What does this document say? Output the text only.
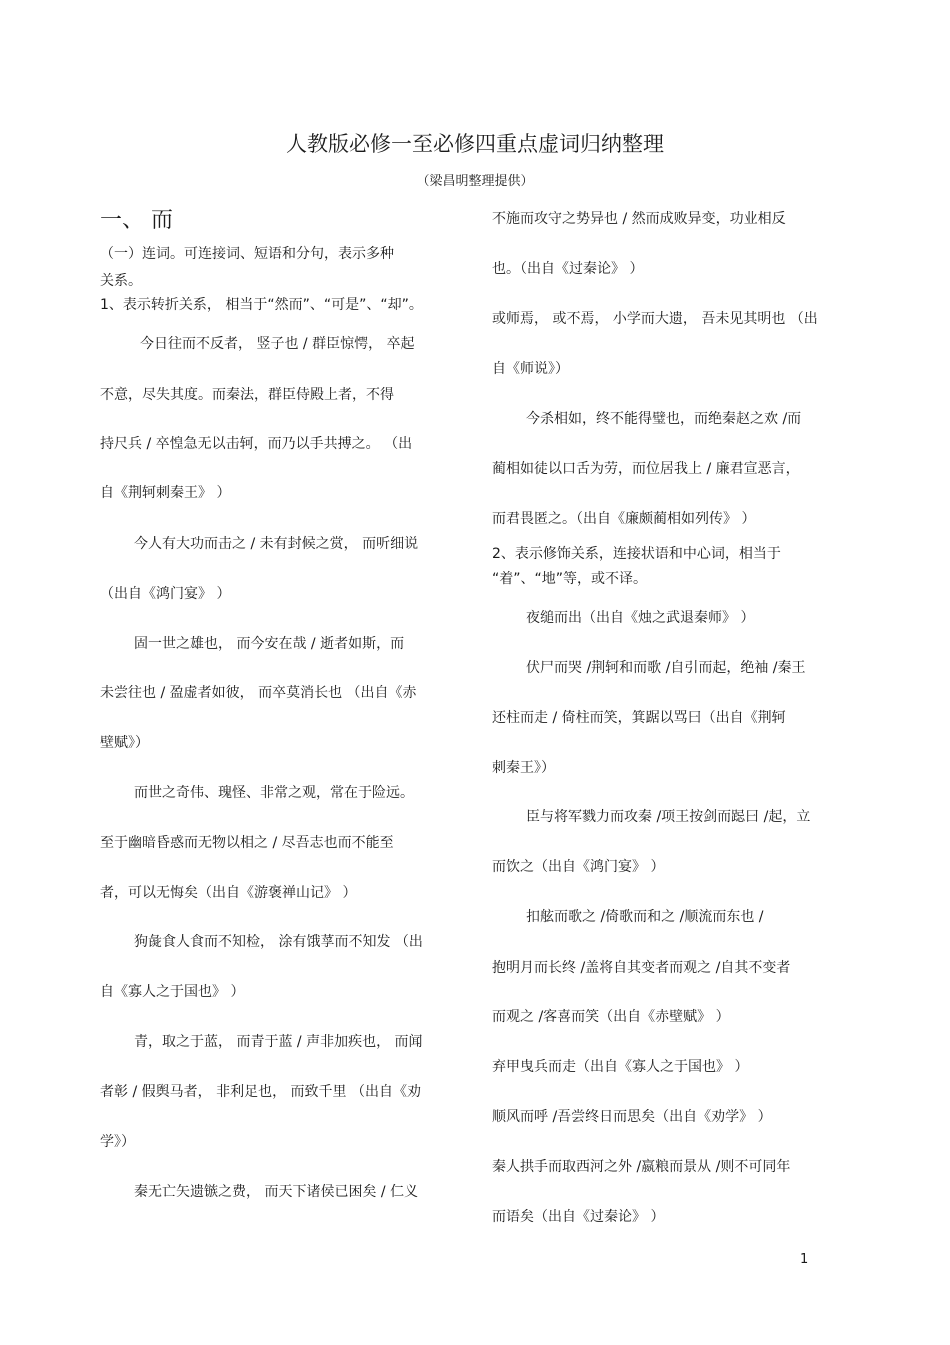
人教版必修一至必修四重点虚词归纳整理
（梁昌明整理提供）
一、 而
（一）连词。可连接词、短语和分句，表示多种
关系。
1、表示转折关系， 相当于“然而”、“可是”、“却”。
今日往而不反者， 竖子也 / 群臣惊愕， 卒起
不意，尽失其度。而秦法，群臣侍殿上者，不得
持尺兵 / 卒惶急无以击轲，而乃以手共搏之。 （出
自《荆轲刺秦王》 ）
今人有大功而击之 / 未有封候之赏， 而听细说
（出自《鸿门宴》 ）
固一世之雄也， 而今安在哉 / 逝者如斯，而
未尝往也 / 盈虚者如彼， 而卒莫消长也 （出自《赤
壁赋》）
而世之奇伟、瑰怪、非常之观，常在于险远。
至于幽暗昏惑而无物以相之 / 尽吾志也而不能至
者，可以无悔矣（出自《游褒禅山记》 ）
狗彘食人食而不知检， 涂有饿莩而不知发 （出
自《寡人之于国也》 ）
青，取之于蓝， 而青于蓝 / 声非加疾也， 而闻
者彰 / 假舆马者， 非利足也， 而致千里 （出自《劝
学》）
秦无亡矢遗镞之费， 而天下诸侯已困矣 / 仁义
不施而攻守之势异也 / 然而成败异变，功业相反
也。（出自《过秦论》 ）
或师焉， 或不焉， 小学而大遗， 吾未见其明也 （出
自《师说》）
今杀相如，终不能得璧也，而绝秦赵之欢 /而
蔺相如徒以口舌为劳，而位居我上 / 廉君宣恶言，
而君畏匿之。（出自《廉颇蔺相如列传》 ）
2、表示修饰关系，连接状语和中心词，相当于
“着”、“地”等，或不译。
夜缒而出（出自《烛之武退秦师》 ）
伏尸而哭 /荆轲和而歌 /自引而起，绝袖 /秦王
还柱而走 / 倚柱而笑，箕踞以骂曰（出自《荆轲
刺秦王》）
臣与将军戮力而攻秦 /项王按剑而跽曰 /起，立
而饮之（出自《鸿门宴》 ）
扣舷而歌之 /倚歌而和之 /顺流而东也 /
抱明月而长终 /盖将自其变者而观之 /自其不变者
而观之 /客喜而笑（出自《赤壁赋》 ）
弃甲曳兵而走（出自《寡人之于国也》 ）
顺风而呼 /吾尝终日而思矣（出自《劝学》 ）
秦人拱手而取西河之外 /嬴粮而景从 /则不可同年
而语矣（出自《过秦论》 ）
1
